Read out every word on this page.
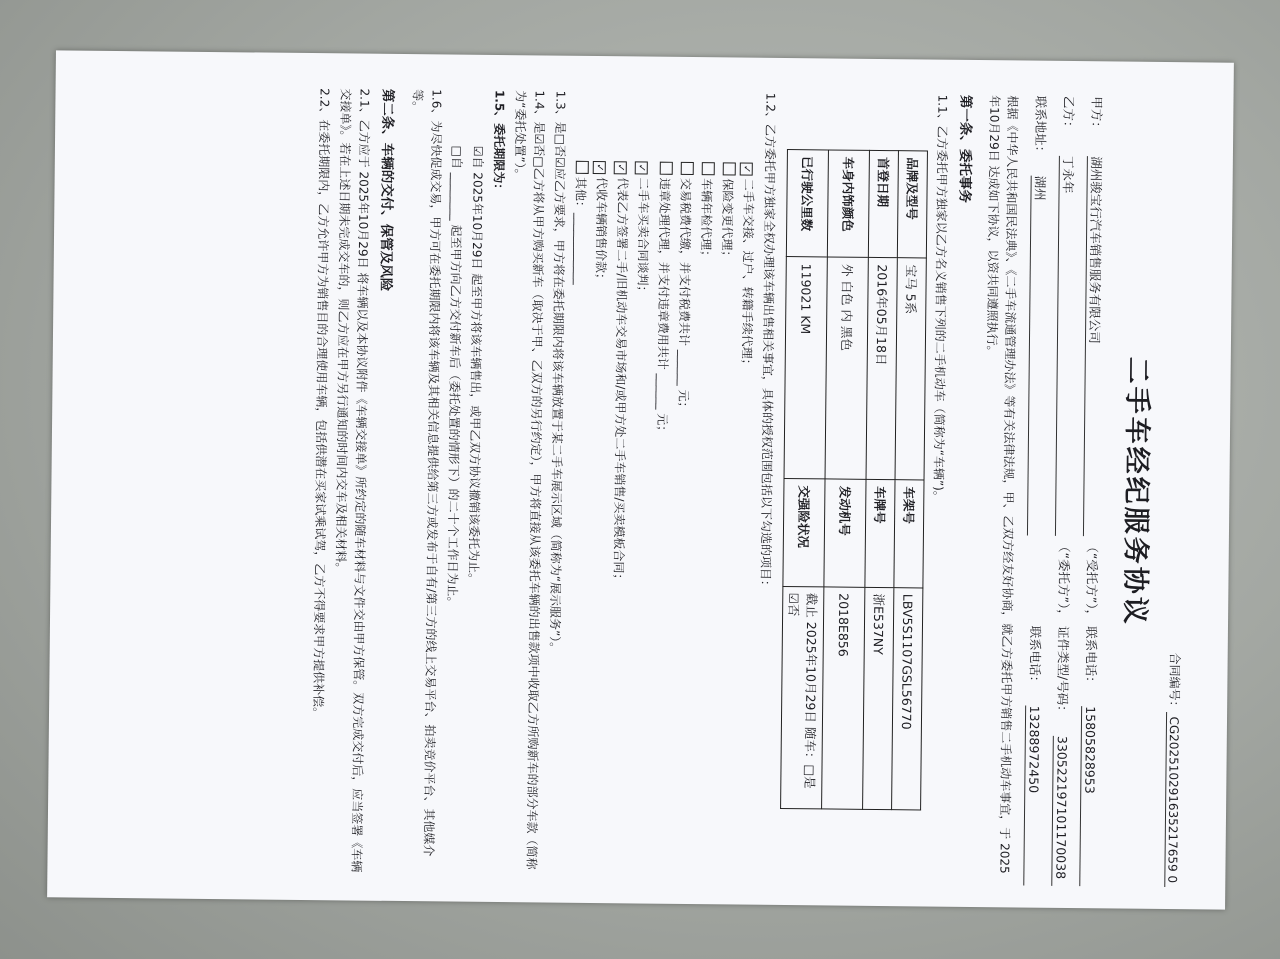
合同编号：CG202510291635217659 0
二手车经纪服务协议
甲方：
湖州骏宝行汽车销售服务有限公司
（“受托方”），
联系电话：
15805828953
乙方：
丁永年
（“委托方”），
证件类型/号码：
330522197101170038
联系地址：
湖州
联系电话：
13288972450
根据《中华人民共和国民法典》、《二手车流通管理办法》等有关法律法规，甲、乙双方经友好协商，就乙方委托甲方销售二手机动车事宜，于 2025年10月29日 达成如下协议，以资共同遵照执行。
第一条、委托事务
1.1、乙方委托甲方独家以乙方名义销售下列的二手机动车（简称为“车辆”)。
品牌及型号	宝马 5系	车架号	LBV5S1107GSL56770
首登日期	2016年05月18日	车牌号	浙E537NY
车身内饰颜色	外 白色 内 黑色	发动机号	2018E856
已行驶公里数	119021 KM	交强险状况	截止 2025年10月29日 随车：□是 ☑否
1.2、乙方委托甲方独家全权办理该车辆出售相关事宜，具体的授权范围包括以下勾选的项目：
✓二手车交接、过户、转籍手续代理；
保险变更代理；
车辆年检代理；
交易税费代缴，并支付税费共计 ______ 元；
违章处理代理，并支付违章费用共计 ______ 元；
✓二手车买卖合同谈判；
✓代表乙方签署二手/旧机动车交易市场和/或甲方处二手车销售/买卖模板合同；
✓代收车辆销售价款；
其他：____________
1.3、是□否☑应乙方要求，甲方将在委托期限内将该车辆放置于某二手车展示区域（简称为“展示服务”）。
1.4、是☑否□乙方将从甲方购买新车（取决于甲、乙双方的另行约定），甲方将直接从该委托车辆的出售款项中收取乙方所购新车的部分车款（简称为“委托处置”）。
1.5、委托期限为：
☑自 2025年10月29日 起至甲方将该车辆售出，或甲乙双方协议撤销该委托为止。
□自 ________ 起至甲方向乙方交付新车后（委托处置的情形下）的二十个工作日为止。
1.6、为尽快促成交易，甲方可在委托期限内将该车辆及其相关信息提供给第三方或发布于自有/第三方的线上交易平台、拍卖竞价平台、其他媒介等。
第二条、车辆的交付、保管及风险
2.1、乙方应于 2025年10月29日 将车辆以及本协议附件《车辆交接单》所约定的随车材料与文件交由甲方保管。双方完成交付后，应当签署《车辆交接单》。若在上述日期未完成交车的，则乙方应在甲方另行通知的时间内交车及相关材料。
2.2、在委托期限内，乙方允许甲方为销售目的合理使用车辆，包括供潜在买家试乘试驾，乙方不得要求甲方提供补偿。
